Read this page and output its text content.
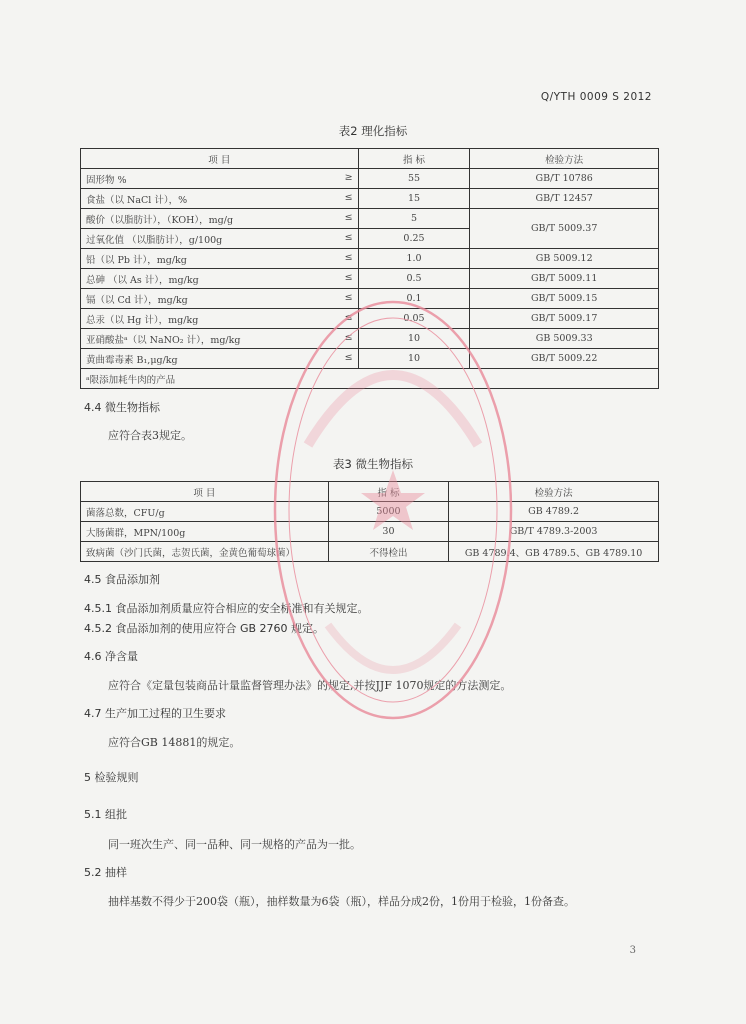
Q/YTH 0009 S 2012
表2 理化指标
项 目	指 标	检验方法
固形物 % ≥	55	GB/T 10786
食盐（以 NaCl 计），% ≤	15	GB/T 12457
酸价（以脂肪计），（KOH），mg/g ≤	5	GB/T 5009.37
过氧化值 （以脂肪计），g/100g ≤	0.25	
铅（以 Pb 计），mg/kg ≤	1.0	GB 5009.12
总砷 （以 As 计），mg/kg ≤	0.5	GB/T 5009.11
镉（以 Cd 计），mg/kg ≤	0.1	GB/T 5009.15
总汞（以 Hg 计），mg/kg ≤	0.05	GB/T 5009.17
亚硝酸盐ᵃ（以 NaNO₂ 计），mg/kg ≤	10	GB 5009.33
黄曲霉毒素 B₁,μg/kg ≤	10	GB/T 5009.22
ᵃ限添加耗牛肉的产品		
4.4 微生物指标
应符合表3规定。
表3 微生物指标
项 目	指 标	检验方法
菌落总数，CFU/g	5000	GB 4789.2
大肠菌群，MPN/100g	30	GB/T 4789.3-2003
致病菌（沙门氏菌，志贺氏菌，金黄色葡萄球菌）	不得检出	GB 4789.4、GB 4789.5、GB 4789.10
4.5 食品添加剂
4.5.1 食品添加剂质量应符合相应的安全标准和有关规定。
4.5.2 食品添加剂的使用应符合 GB 2760 规定。
4.6 净含量
应符合《定量包装商品计量监督管理办法》的规定,并按JJF 1070规定的方法测定。
4.7 生产加工过程的卫生要求
应符合GB 14881的规定。
5 检验规则
5.1 组批
同一班次生产、同一品种、同一规格的产品为一批。
5.2 抽样
抽样基数不得少于200袋（瓶），抽样数量为6袋（瓶），样品分成2份，1份用于检验，1份备查。
3
